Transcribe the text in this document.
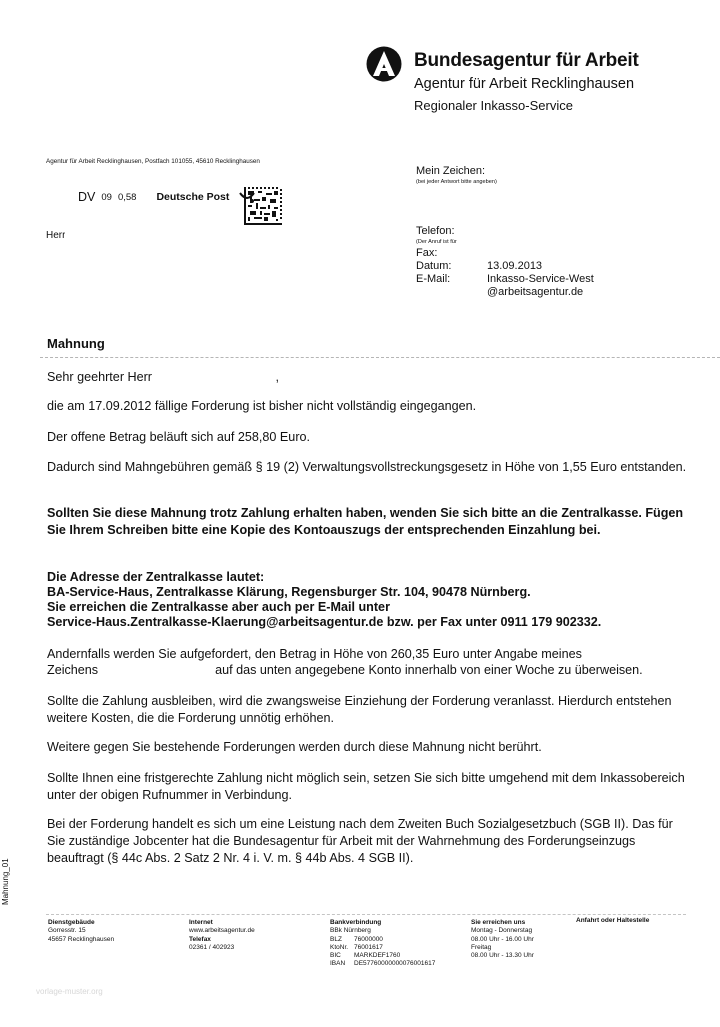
Bundesagentur für Arbeit
Agentur für Arbeit Recklinghausen
Regionaler Inkasso-Service
Agentur für Arbeit Recklinghausen, Postfach 101055, 45610 Recklinghausen
DV 09 0,58 Deutsche Post
Herr
Mein Zeichen:
(bei jeder Antwort bitte angeben)
Telefon:
(Der Anruf ist für
Fax:
Datum:	13.09.2013
E-Mail:	Inkasso-Service-West
@arbeitsagentur.de
Mahnung
Sehr geehrter Herr	,
die am 17.09.2012 fällige Forderung ist bisher nicht vollständig eingegangen.
Der offene Betrag beläuft sich auf 258,80 Euro.
Dadurch sind Mahngebühren gemäß § 19 (2) Verwaltungsvollstreckungsgesetz in Höhe von 1,55 Euro entstanden.
Sollten Sie diese Mahnung trotz Zahlung erhalten haben, wenden Sie sich bitte an die Zentralkasse. Fügen Sie Ihrem Schreiben bitte eine Kopie des Kontoauszugs der entsprechenden Einzahlung bei.
Die Adresse der Zentralkasse lautet:
BA-Service-Haus, Zentralkasse Klärung, Regensburger Str. 104, 90478 Nürnberg.
Sie erreichen die Zentralkasse aber auch per E-Mail unter
Service-Haus.Zentralkasse-Klaerung@arbeitsagentur.de bzw. per Fax unter 0911 179 902332.
Andernfalls werden Sie aufgefordert, den Betrag in Höhe von 260,35 Euro unter Angabe meines
Zeichens	auf das unten angegebene Konto innerhalb von einer Woche zu überweisen.
Sollte die Zahlung ausbleiben, wird die zwangsweise Einziehung der Forderung veranlasst. Hierdurch entstehen weitere Kosten, die die Forderung unnötig erhöhen.
Weitere gegen Sie bestehende Forderungen werden durch diese Mahnung nicht berührt.
Sollte Ihnen eine fristgerechte Zahlung nicht möglich sein, setzen Sie sich bitte umgehend mit dem Inkassobereich unter der obigen Rufnummer in Verbindung.
Bei der Forderung handelt es sich um eine Leistung nach dem Zweiten Buch Sozialgesetzbuch (SGB II). Das für Sie zuständige Jobcenter hat die Bundesagentur für Arbeit mit der Wahrnehmung des Forderungseinzugs beauftragt (§ 44c Abs. 2 Satz 2 Nr. 4 i. V. m. § 44b Abs. 4 SGB II).
Mahnung_01
Dienstgebäude
Gorresstr. 15
45657 Recklinghausen
Internet
www.arbeitsagentur.de
Telefax
02361 / 402923
Bankverbindung
BBk Nürnberg
BLZ 76000000
KtoNr. 76001617
BIC MARKDEF1760
IBAN DE57760000000076001617
Sie erreichen uns
Montag - Donnerstag
08.00 Uhr - 16.00 Uhr
Freitag
08.00 Uhr - 13.30 Uhr
Anfahrt oder Haltestelle
vorlage-muster.org
